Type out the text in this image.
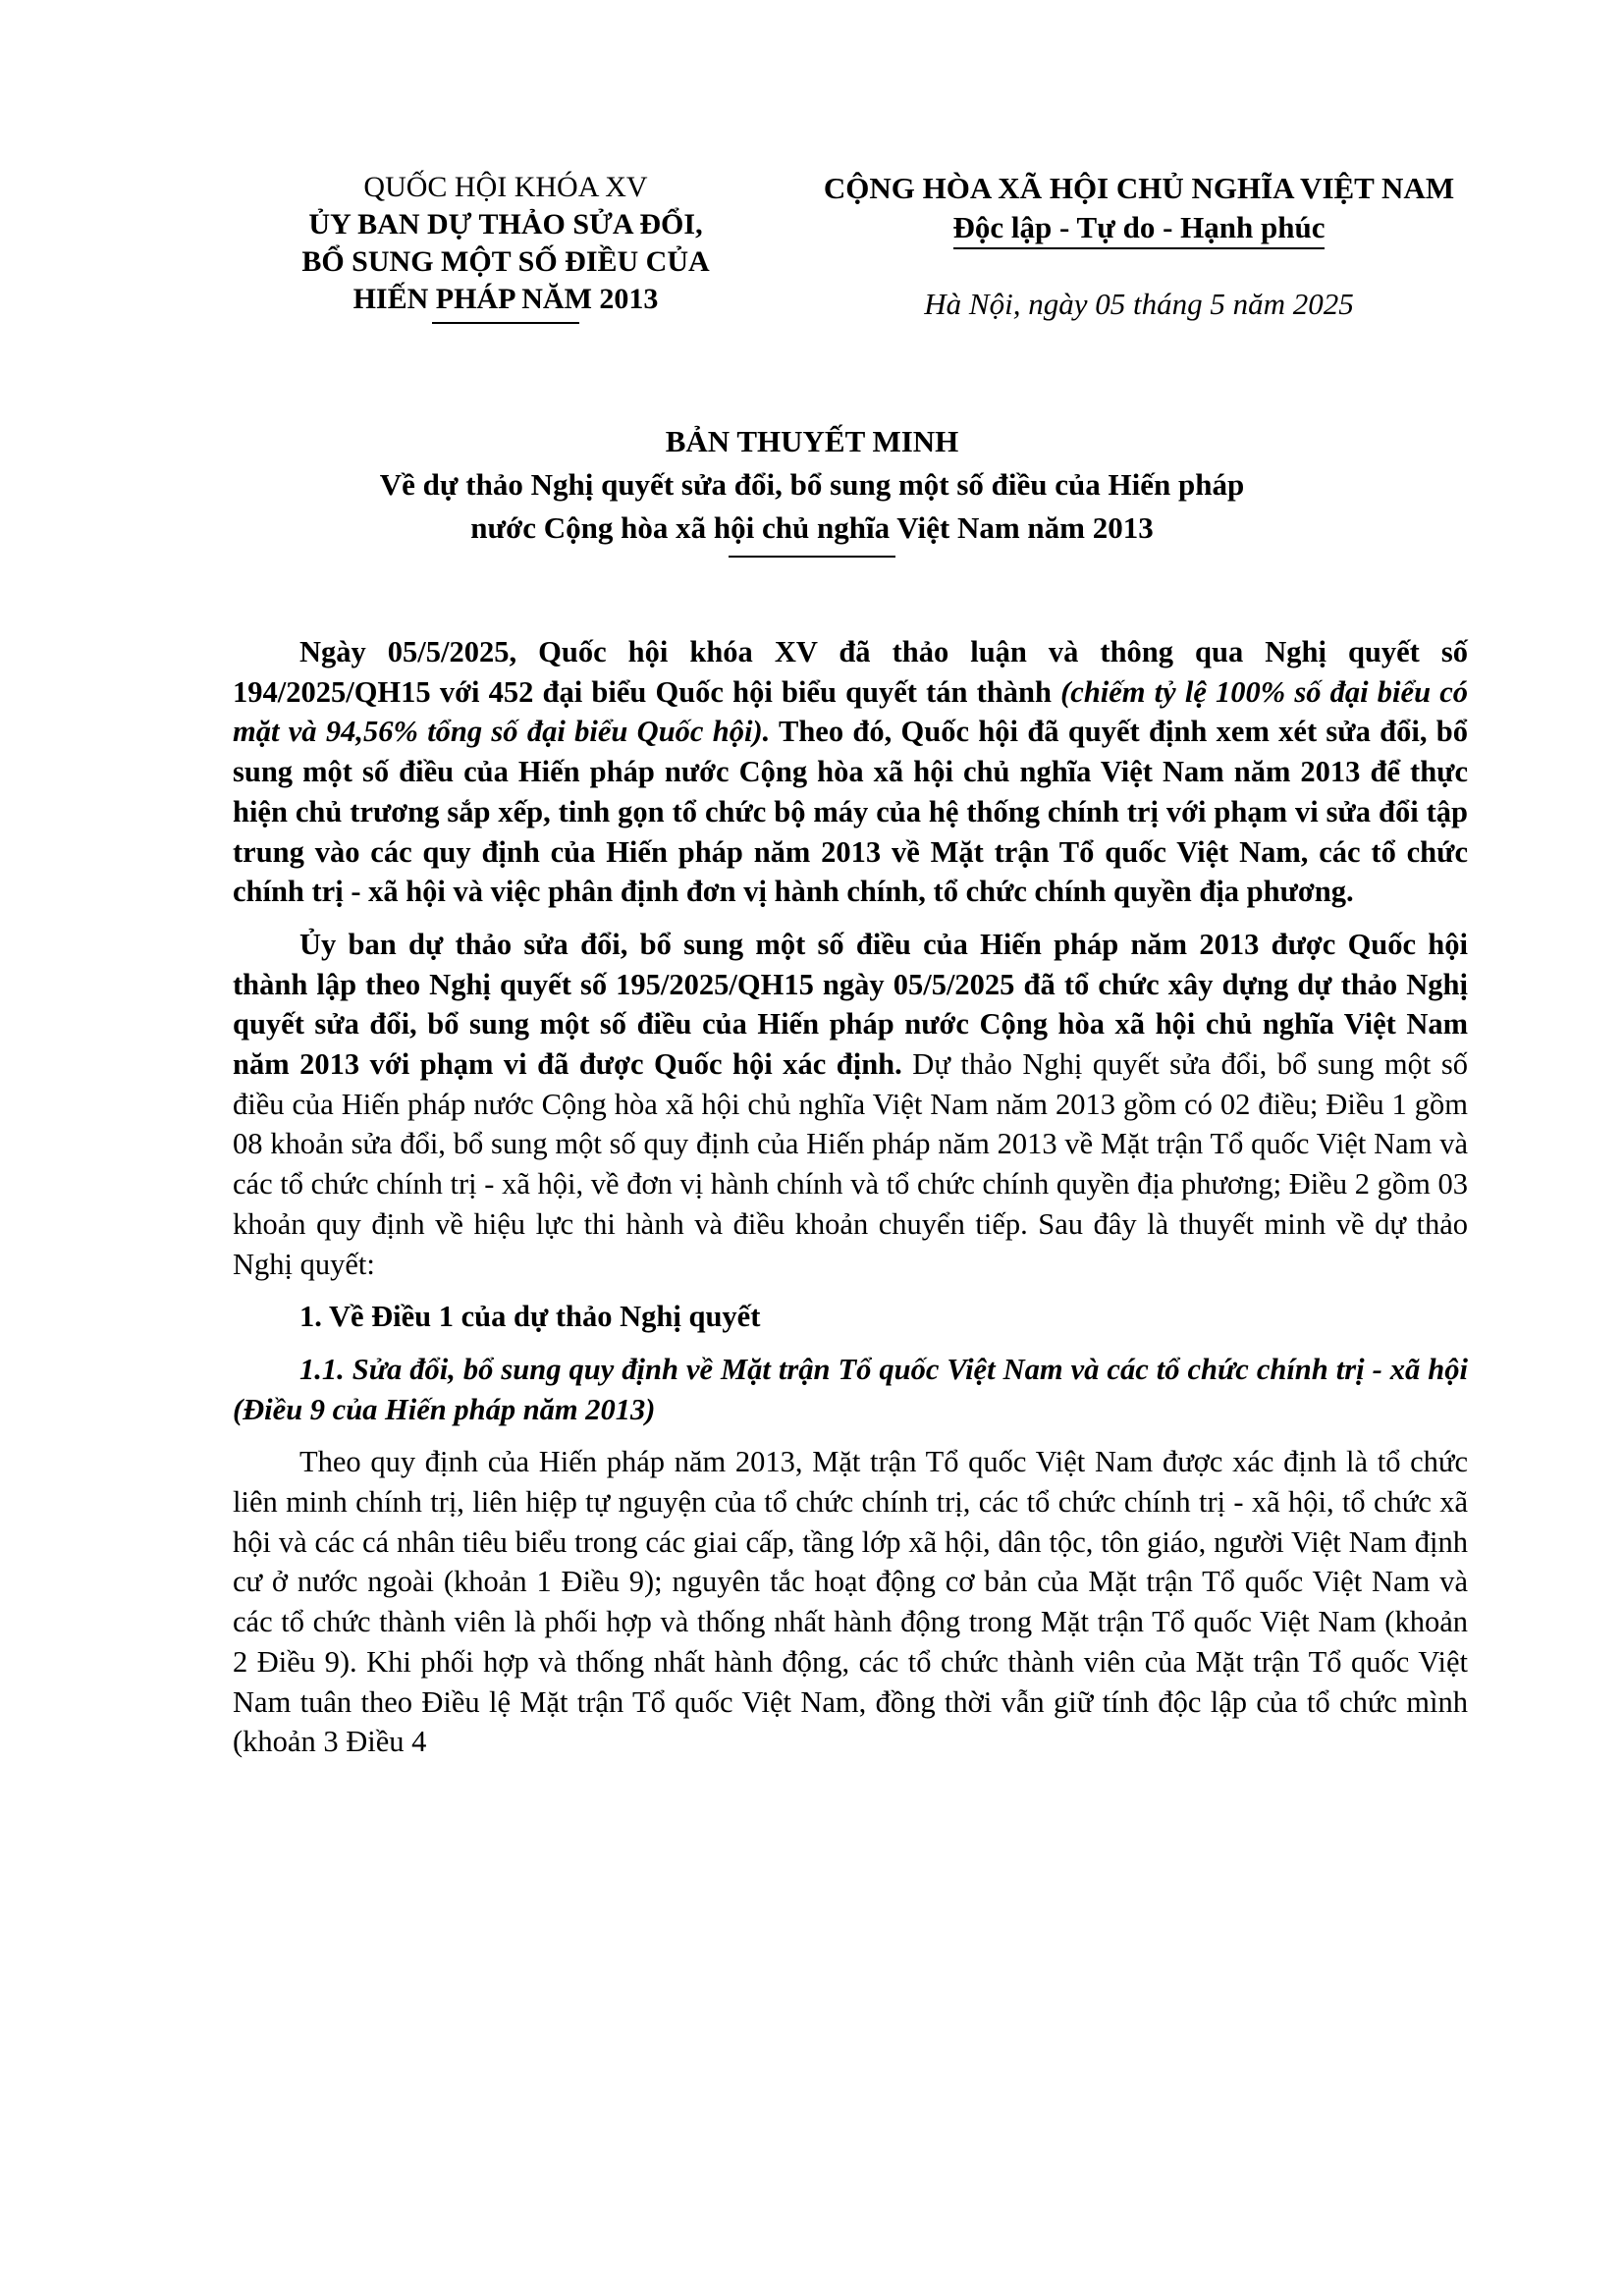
QUỐC HỘI KHÓA XV
ỦY BAN DỰ THẢO SỬA ĐỔI,
BỔ SUNG MỘT SỐ ĐIỀU CỦA
HIẾN PHÁP NĂM 2013
CỘNG HÒA XÃ HỘI CHỦ NGHĨA VIỆT NAM
Độc lập - Tự do - Hạnh phúc
Hà Nội, ngày 05 tháng 5 năm 2025
BẢN THUYẾT MINH
Về dự thảo Nghị quyết sửa đổi, bổ sung một số điều của Hiến pháp
nước Cộng hòa xã hội chủ nghĩa Việt Nam năm 2013

Ngày 05/5/2025, Quốc hội khóa XV đã thảo luận và thông qua Nghị quyết số 194/2025/QH15 với 452 đại biểu Quốc hội biểu quyết tán thành (chiếm tỷ lệ 100% số đại biểu có mặt và 94,56% tổng số đại biểu Quốc hội). Theo đó, Quốc hội đã quyết định xem xét sửa đổi, bổ sung một số điều của Hiến pháp nước Cộng hòa xã hội chủ nghĩa Việt Nam năm 2013 để thực hiện chủ trương sắp xếp, tinh gọn tổ chức bộ máy của hệ thống chính trị với phạm vi sửa đổi tập trung vào các quy định của Hiến pháp năm 2013 về Mặt trận Tổ quốc Việt Nam, các tổ chức chính trị - xã hội và việc phân định đơn vị hành chính, tổ chức chính quyền địa phương.

Ủy ban dự thảo sửa đổi, bổ sung một số điều của Hiến pháp năm 2013 được Quốc hội thành lập theo Nghị quyết số 195/2025/QH15 ngày 05/5/2025 đã tổ chức xây dựng dự thảo Nghị quyết sửa đổi, bổ sung một số điều của Hiến pháp nước Cộng hòa xã hội chủ nghĩa Việt Nam năm 2013 với phạm vi đã được Quốc hội xác định. Dự thảo Nghị quyết sửa đổi, bổ sung một số điều của Hiến pháp nước Cộng hòa xã hội chủ nghĩa Việt Nam năm 2013 gồm có 02 điều; Điều 1 gồm 08 khoản sửa đổi, bổ sung một số quy định của Hiến pháp năm 2013 về Mặt trận Tổ quốc Việt Nam và các tổ chức chính trị - xã hội, về đơn vị hành chính và tổ chức chính quyền địa phương; Điều 2 gồm 03 khoản quy định về hiệu lực thi hành và điều khoản chuyển tiếp. Sau đây là thuyết minh về dự thảo Nghị quyết:

1. Về Điều 1 của dự thảo Nghị quyết

1.1. Sửa đổi, bổ sung quy định về Mặt trận Tổ quốc Việt Nam và các tổ chức chính trị - xã hội (Điều 9 của Hiến pháp năm 2013)

Theo quy định của Hiến pháp năm 2013, Mặt trận Tổ quốc Việt Nam được xác định là tổ chức liên minh chính trị, liên hiệp tự nguyện của tổ chức chính trị, các tổ chức chính trị - xã hội, tổ chức xã hội và các cá nhân tiêu biểu trong các giai cấp, tầng lớp xã hội, dân tộc, tôn giáo, người Việt Nam định cư ở nước ngoài (khoản 1 Điều 9); nguyên tắc hoạt động cơ bản của Mặt trận Tổ quốc Việt Nam và các tổ chức thành viên là phối hợp và thống nhất hành động trong Mặt trận Tổ quốc Việt Nam (khoản 2 Điều 9). Khi phối hợp và thống nhất hành động, các tổ chức thành viên của Mặt trận Tổ quốc Việt Nam tuân theo Điều lệ Mặt trận Tổ quốc Việt Nam, đồng thời vẫn giữ tính độc lập của tổ chức mình (khoản 3 Điều 4
